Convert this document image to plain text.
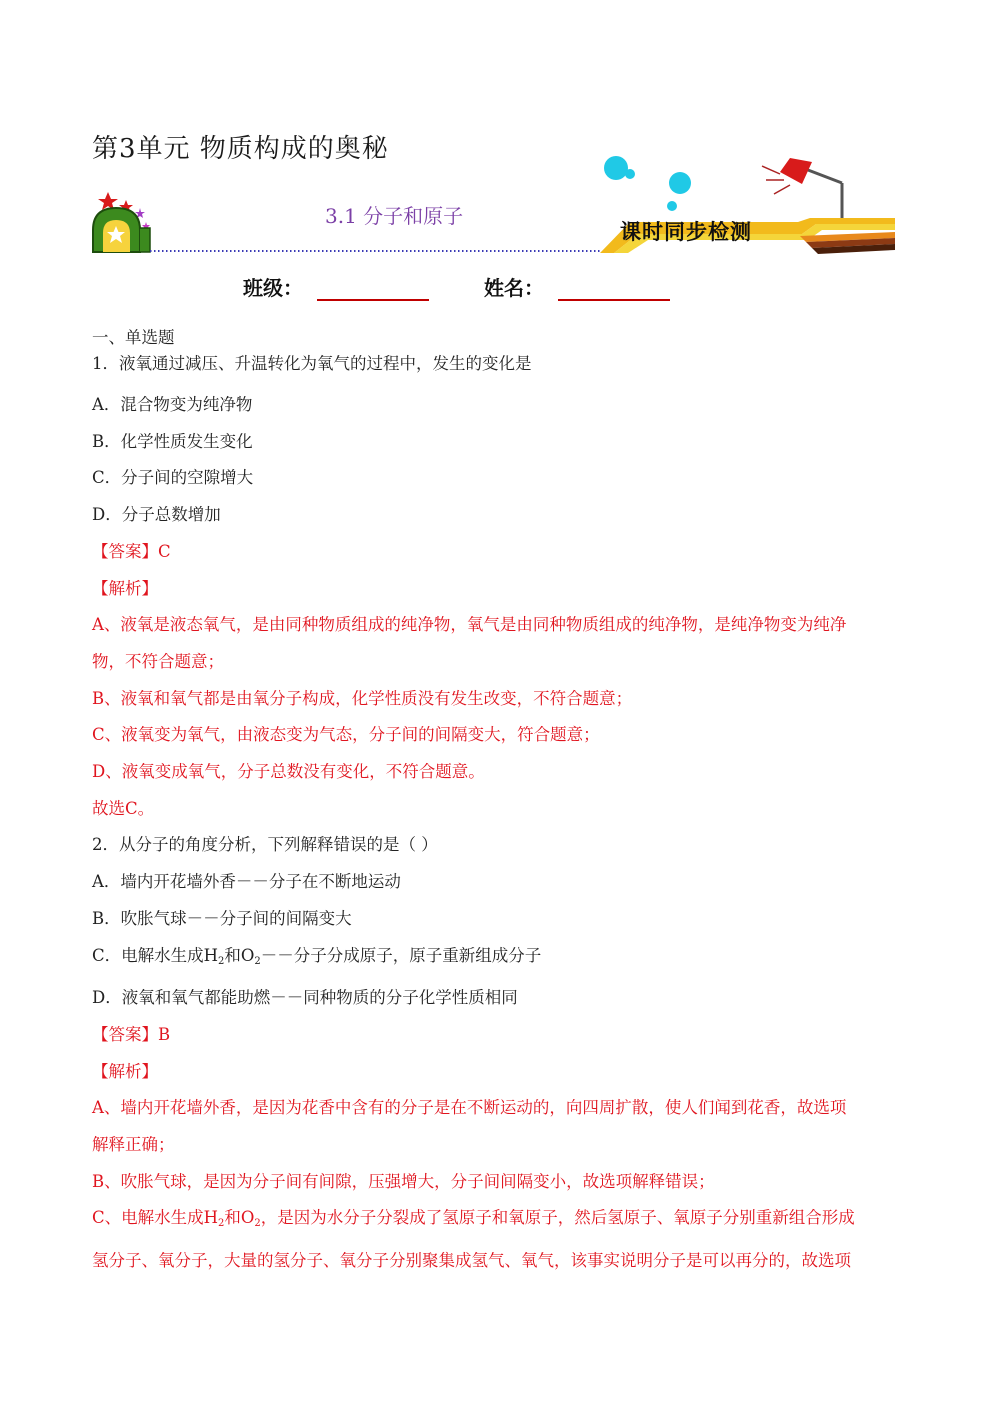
第3单元 物质构成的奥秘
3.1 分子和原子
课时同步检测
班级：	姓名：
一、单选题
1．液氧通过减压、升温转化为氧气的过程中，发生的变化是
A．混合物变为纯净物
B．化学性质发生变化
C．分子间的空隙增大
D．分子总数增加
【答案】C
【解析】
A、液氧是液态氧气，是由同种物质组成的纯净物，氧气是由同种物质组成的纯净物，是纯净物变为纯净
物，不符合题意；
B、液氧和氧气都是由氧分子构成，化学性质没有发生改变，不符合题意；
C、液氧变为氧气，由液态变为气态，分子间的间隔变大，符合题意；
D、液氧变成氧气，分子总数没有变化，不符合题意。
故选C。
2．从分子的角度分析，下列解释错误的是（ ）
A．墙内开花墙外香－－分子在不断地运动
B．吹胀气球－－分子间的间隔变大
C．电解水生成$H_2$和$O_2--$分子分成原子，原子重新组成分子
D．液氧和氧气都能助燃－－同种物质的分子化学性质相同
【答案】B
【解析】
A、墙内开花墙外香，是因为花香中含有的分子是在不断运动的，向四周扩散，使人们闻到花香，故选项
解释正确；
B、吹胀气球，是因为分子间有间隙，压强增大，分子间间隔变小，故选项解释错误；
C、电解水生成$H_2$和$O_2$，是因为水分子分裂成了氢原子和氧原子，然后氢原子、氧原子分别重新组合形成
氢分子、氧分子，大量的氢分子、氧分子分别聚集成氢气、氧气，该事实说明分子是可以再分的，故选项
